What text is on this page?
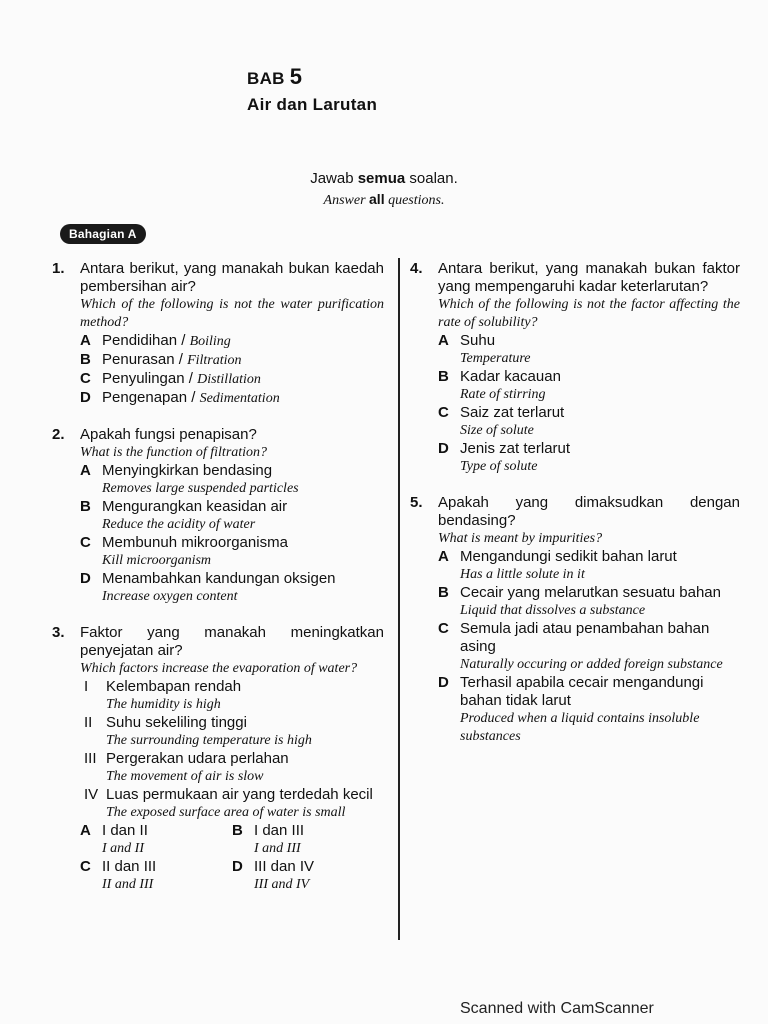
BAB 5
Air dan Larutan
Jawab semua soalan.
Answer all questions.
Bahagian A
1.	Antara berikut, yang manakah bukan kaedah pembersihan air?
Which of the following is not the water purification method?
A Pendidihan / Boiling
B Penurasan / Filtration
C Penyulingan / Distillation
D Pengenapan / Sedimentation
2.	Apakah fungsi penapisan?
What is the function of filtration?
A Menyingkirkan bendasing
Removes large suspended particles
B Mengurangkan keasidan air
Reduce the acidity of water
C Membunuh mikroorganisma
Kill microorganism
D Menambahkan kandungan oksigen
Increase oxygen content
3.	Faktor yang manakah meningkatkan penyejatan air?
Which factors increase the evaporation of water?
I	Kelembapan rendah
The humidity is high
II Suhu sekeliling tinggi
The surrounding temperature is high
III Pergerakan udara perlahan
The movement of air is slow
IV Luas permukaan air yang terdedah kecil
The exposed surface area of water is small
A I dan II
I and II
B I dan III
I and III
C II dan III
II and III
D III dan IV
III and IV
4.	Antara berikut, yang manakah bukan faktor yang mempengaruhi kadar keterlarutan?
Which of the following is not the factor affecting the rate of solubility?
A Suhu
Temperature
B Kadar kacauan
Rate of stirring
C Saiz zat terlarut
Size of solute
D Jenis zat terlarut
Type of solute
5.	Apakah yang dimaksudkan dengan bendasing?
What is meant by impurities?
A Mengandungi sedikit bahan larut
Has a little solute in it
B Cecair yang melarutkan sesuatu bahan
Liquid that dissolves a substance
C Semula jadi atau penambahan bahan asing
Naturally occuring or added foreign substance
D Terhasil apabila cecair mengandungi bahan tidak larut
Produced when a liquid contains insoluble substances
Scanned with CamScanner
